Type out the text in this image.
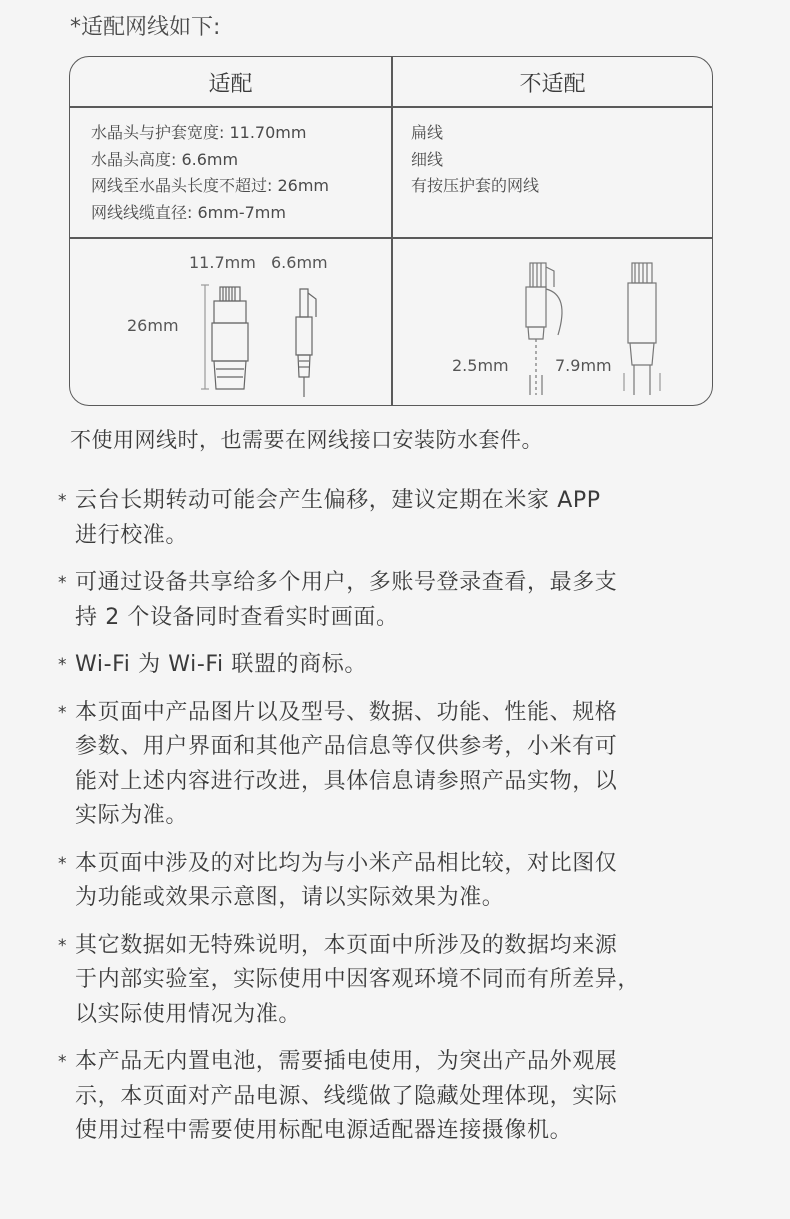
*适配网线如下:
适配	不适配
水晶头与护套宽度: 11.70mm
水晶头高度: 6.6mm
网线至水晶头长度不超过: 26mm
网线线缆直径: 6mm-7mm
扁线
细线
有按压护套的网线
11.7mm 6.6mm
26mm
2.5mm	7.9mm
不使用网线时，也需要在网线接口安装防水套件。
* 云台长期转动可能会产生偏移，建议定期在米家 APP
进行校准。
* 可通过设备共享给多个用户，多账号登录查看，最多支
持 2 个设备同时查看实时画面。
* Wi-Fi 为 Wi-Fi 联盟的商标。
* 本页面中产品图片以及型号、数据、功能、性能、规格
参数、用户界面和其他产品信息等仅供参考，小米有可
能对上述内容进行改进，具体信息请参照产品实物，以
实际为准。
* 本页面中涉及的对比均为与小米产品相比较，对比图仅
为功能或效果示意图，请以实际效果为准。
* 其它数据如无特殊说明，本页面中所涉及的数据均来源
于内部实验室，实际使用中因客观环境不同而有所差异，
以实际使用情况为准。
* 本产品无内置电池，需要插电使用，为突出产品外观展
示，本页面对产品电源、线缆做了隐藏处理体现，实际
使用过程中需要使用标配电源适配器连接摄像机。
